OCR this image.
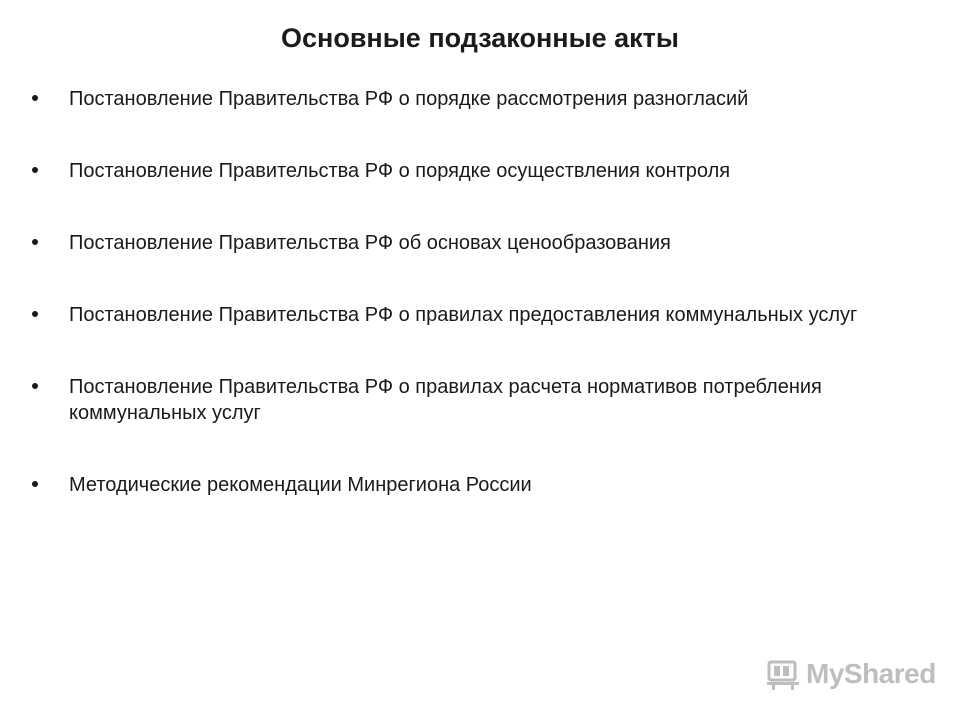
Основные подзаконные акты
Постановление Правительства РФ о порядке рассмотрения разногласий
Постановление Правительства РФ о порядке осуществления контроля
Постановление Правительства РФ об основах ценообразования
Постановление Правительства РФ о правилах предоставления коммунальных услуг
Постановление Правительства РФ о правилах расчета нормативов потребления коммунальных услуг
Методические рекомендации Минрегиона России
MyShared
